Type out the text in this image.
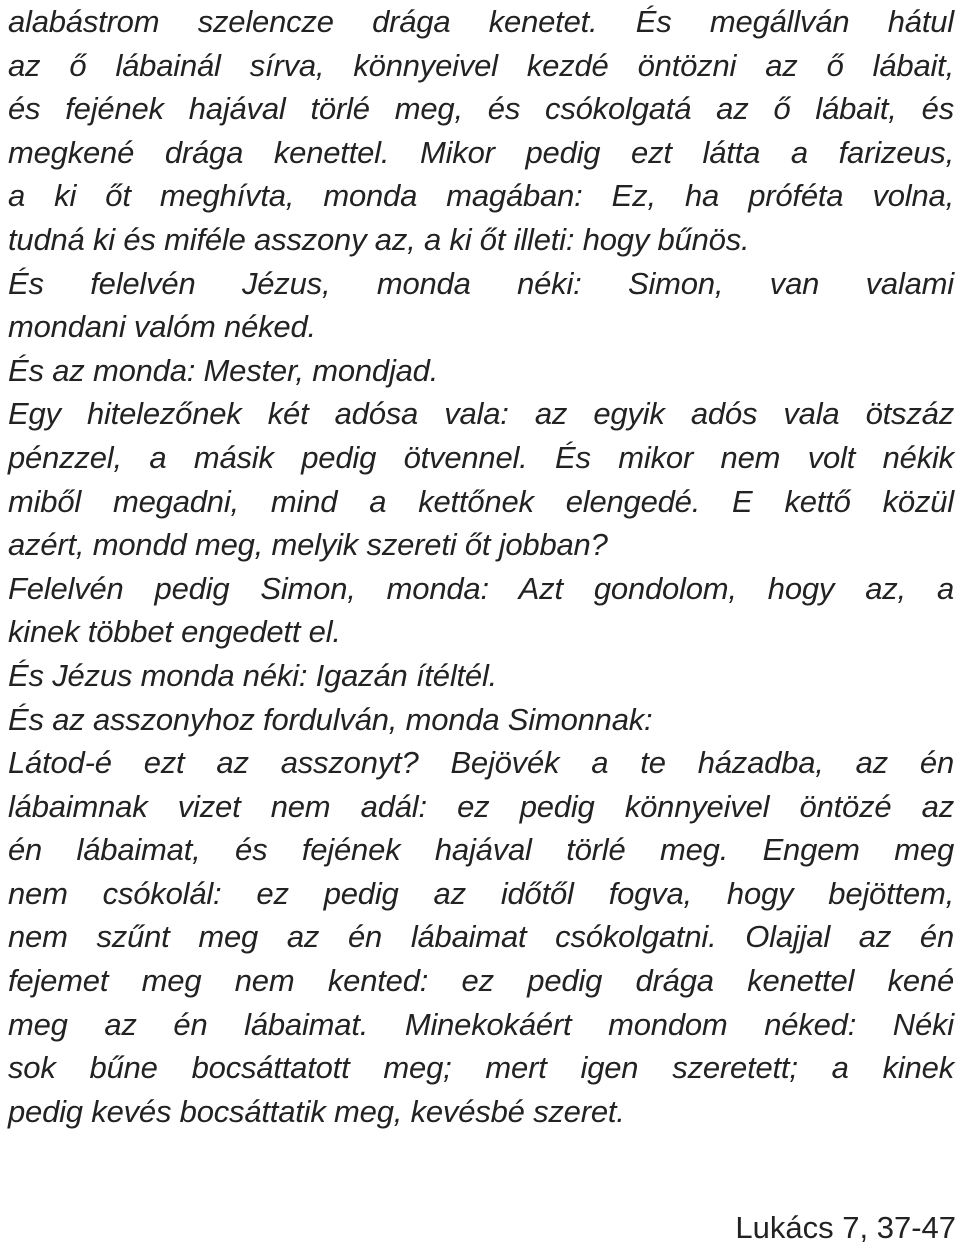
alabástrom szelencze drága kenetet. És megállván hátul
az ő lábainál sírva, könnyeivel kezdé öntözni az ő lábait,
és fejének hajával törlé meg, és csókolgatá az ő lábait, és
megkené drága kenettel. Mikor pedig ezt látta a farizeus,
a ki őt meghívta, monda magában: Ez, ha próféta volna,
tudná ki és miféle asszony az, a ki őt illeti: hogy bűnös.
És felelvén Jézus, monda néki: Simon, van valami
mondani valóm néked.
És az monda: Mester, mondjad.
Egy hitelezőnek két adósa vala: az egyik adós vala ötszáz
pénzzel, a másik pedig ötvennel. És mikor nem volt nékik
miből megadni, mind a kettőnek elengedé. E kettő közül
azért, mondd meg, melyik szereti őt jobban?
Felelvén pedig Simon, monda: Azt gondolom, hogy az, a
kinek többet engedett el.
És Jézus monda néki: Igazán ítéltél.
És az asszonyhoz fordulván, monda Simonnak:
Látod-é ezt az asszonyt? Bejövék a te házadba, az én
lábaimnak vizet nem adál: ez pedig könnyeivel öntözé az
én lábaimat, és fejének hajával törlé meg. Engem meg
nem csókolál: ez pedig az időtől fogva, hogy bejöttem,
nem szűnt meg az én lábaimat csókolgatni. Olajjal az én
fejemet meg nem kented: ez pedig drága kenettel kené
meg az én lábaimat. Minekokáért mondom néked: Néki
sok bűne bocsáttatott meg; mert igen szeretett; a kinek
pedig kevés bocsáttatik meg, kevésbé szeret.
Lukács 7, 37-47
